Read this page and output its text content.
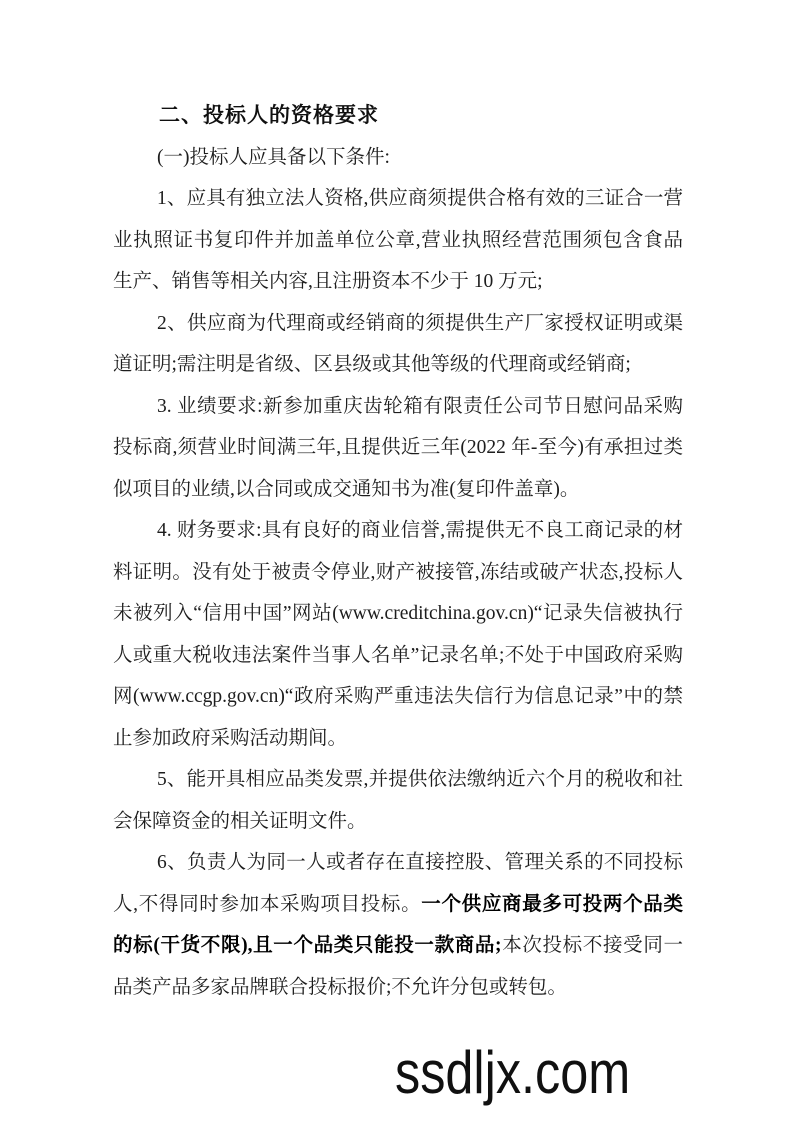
二、投标人的资格要求

(一)投标人应具备以下条件:

1、应具有独立法人资格,供应商须提供合格有效的三证合一营业执照证书复印件并加盖单位公章,营业执照经营范围须包含食品生产、销售等相关内容,且注册资本不少于 10 万元;

2、供应商为代理商或经销商的须提供生产厂家授权证明或渠道证明;需注明是省级、区县级或其他等级的代理商或经销商;

3. 业绩要求:新参加重庆齿轮箱有限责任公司节日慰问品采购投标商,须营业时间满三年,且提供近三年(2022 年-至今)有承担过类似项目的业绩,以合同或成交通知书为准(复印件盖章)。

4. 财务要求:具有良好的商业信誉,需提供无不良工商记录的材料证明。没有处于被责令停业,财产被接管,冻结或破产状态,投标人未被列入“信用中国”网站(www.creditchina.gov.cn)“记录失信被执行人或重大税收违法案件当事人名单”记录名单;不处于中国政府采购网(www.ccgp.gov.cn)“政府采购严重违法失信行为信息记录”中的禁止参加政府采购活动期间。

5、能开具相应品类发票,并提供依法缴纳近六个月的税收和社会保障资金的相关证明文件。

6、负责人为同一人或者存在直接控股、管理关系的不同投标人,不得同时参加本采购项目投标。一个供应商最多可投两个品类的标(干货不限),且一个品类只能投一款商品;本次投标不接受同一品类产品多家品牌联合投标报价;不允许分包或转包。

ssdljx.com
